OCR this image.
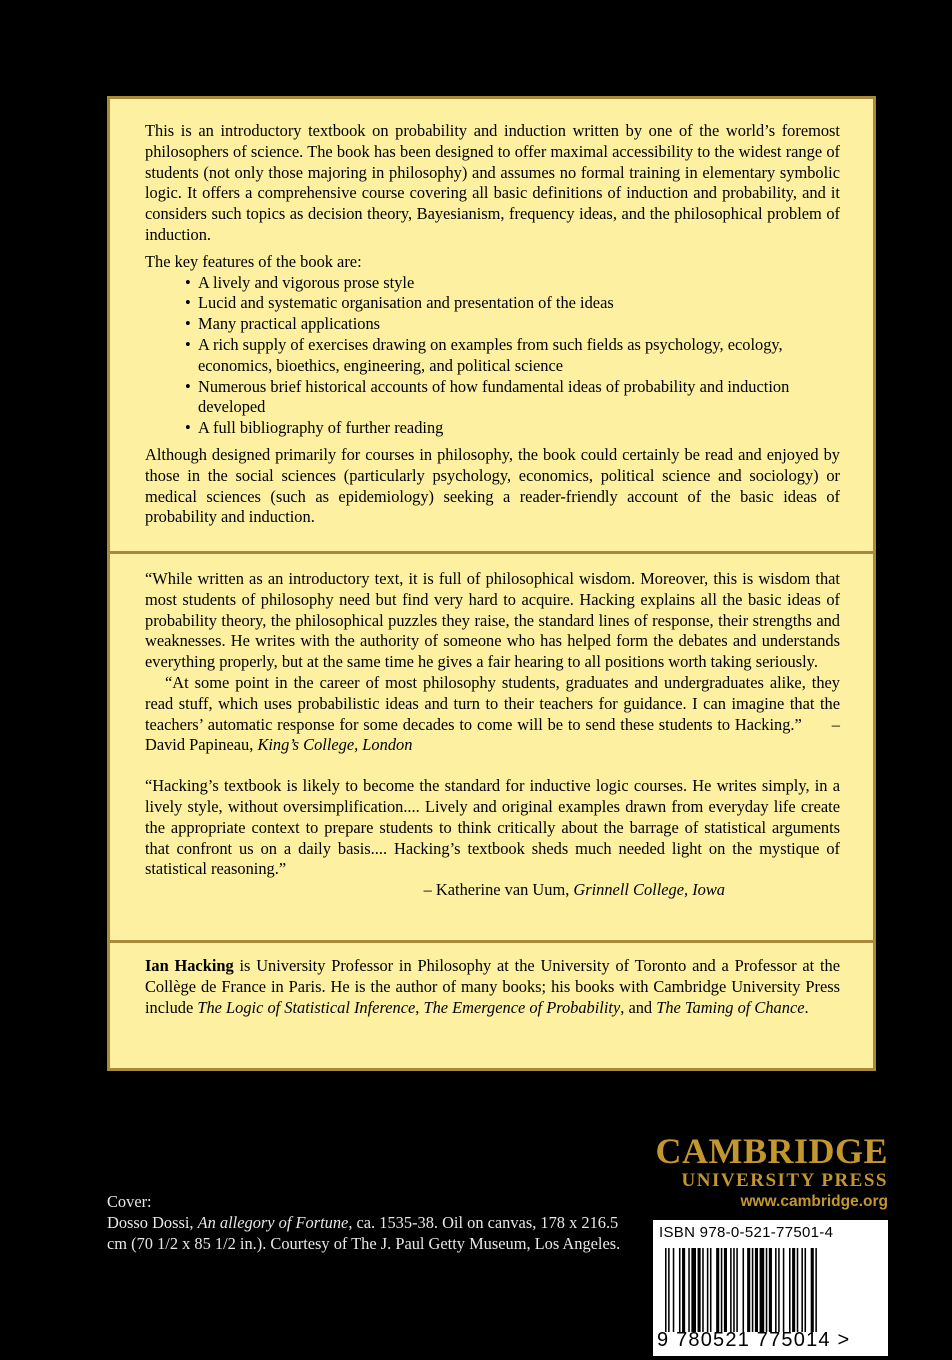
This is an introductory textbook on probability and induction written by one of the world’s foremost philosophers of science. The book has been designed to offer maximal accessibility to the widest range of students (not only those majoring in philosophy) and assumes no formal training in elementary symbolic logic. It offers a comprehensive course covering all basic definitions of induction and probability, and it considers such topics as decision theory, Bayesianism, frequency ideas, and the philosophical problem of induction.

The key features of the book are:

• A lively and vigorous prose style
• Lucid and systematic organisation and presentation of the ideas
• Many practical applications
• A rich supply of exercises drawing on examples from such fields as psychology, ecology, economics, bioethics, engineering, and political science
• Numerous brief historical accounts of how fundamental ideas of probability and induction developed
• A full bibliography of further reading

Although designed primarily for courses in philosophy, the book could certainly be read and enjoyed by those in the social sciences (particularly psychology, economics, political science and sociology) or medical sciences (such as epidemiology) seeking a reader-friendly account of the basic ideas of probability and induction.

“While written as an introductory text, it is full of philosophical wisdom. Moreover, this is wisdom that most students of philosophy need but find very hard to acquire. Hacking explains all the basic ideas of probability theory, the philosophical puzzles they raise, the standard lines of response, their strengths and weaknesses. He writes with the authority of someone who has helped form the debates and understands everything properly, but at the same time he gives a fair hearing to all positions worth taking seriously.

“At some point in the career of most philosophy students, graduates and undergraduates alike, they read stuff, which uses probabilistic ideas and turn to their teachers for guidance. I can imagine that the teachers’ automatic response for some decades to come will be to send these students to Hacking.” – David Papineau, King’s College, London

“Hacking’s textbook is likely to become the standard for inductive logic courses. He writes simply, in a lively style, without oversimplification.... Lively and original examples drawn from everyday life create the appropriate context to prepare students to think critically about the barrage of statistical arguments that confront us on a daily basis.... Hacking’s textbook sheds much needed light on the mystique of statistical reasoning.”

– Katherine van Uum, Grinnell College, Iowa

Ian Hacking is University Professor in Philosophy at the University of Toronto and a Professor at the Collège de France in Paris. He is the author of many books; his books with Cambridge University Press include The Logic of Statistical Inference, The Emergence of Probability, and The Taming of Chance.

Cover:
Dosso Dossi, An allegory of Fortune, ca. 1535-38. Oil on canvas, 178 x 216.5 cm (70 1/2 x 85 1/2 in.). Courtesy of The J. Paul Getty Museum, Los Angeles.
CAMBRIDGE
UNIVERSITY PRESS
www.cambridge.org
ISBN 978-0-521-77501-4
9 780521 775014 >
